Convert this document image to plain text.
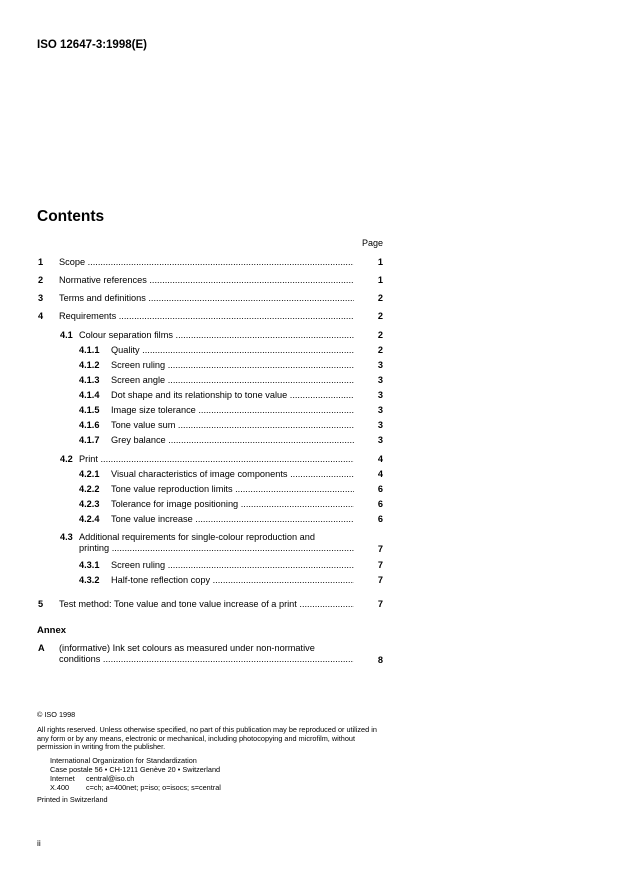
ISO 12647-3:1998(E)
Contents
Page
1 Scope .....	1
2 Normative references .....	1
3 Terms and definitions .....	2
4 Requirements .....	2
4.1 Colour separation films .....	2
4.1.1 Quality .....	2
4.1.2 Screen ruling .....	3
4.1.3 Screen angle .....	3
4.1.4 Dot shape and its relationship to tone value .....	3
4.1.5 Image size tolerance .....	3
4.1.6 Tone value sum .....	3
4.1.7 Grey balance .....	3
4.2 Print .....	4
4.2.1 Visual characteristics of image components .....	4
4.2.2 Tone value reproduction limits .....	6
4.2.3 Tolerance for image positioning .....	6
4.2.4 Tone value increase .....	6
4.3 Additional requirements for single-colour reproduction and
printing .....	7
4.3.1 Screen ruling .....	7
4.3.2 Half-tone reflection copy .....	7
5 Test method: Tone value and tone value increase of a print .....	7
Annex
A (informative) Ink set colours as measured under non-normative
conditions .....	8
© ISO 1998
All rights reserved. Unless otherwise specified, no part of this publication may be reproduced or utilized in any form or by any means, electronic or mechanical, including photocopying and microfilm, without permission in writing from the publisher.
International Organization for Standardization
Case postale 56 • CH-1211 Genève 20 • Switzerland
Internet central@iso.ch
X.400 c=ch; a=400net; p=iso; o=isocs; s=central
Printed in Switzerland
ii
